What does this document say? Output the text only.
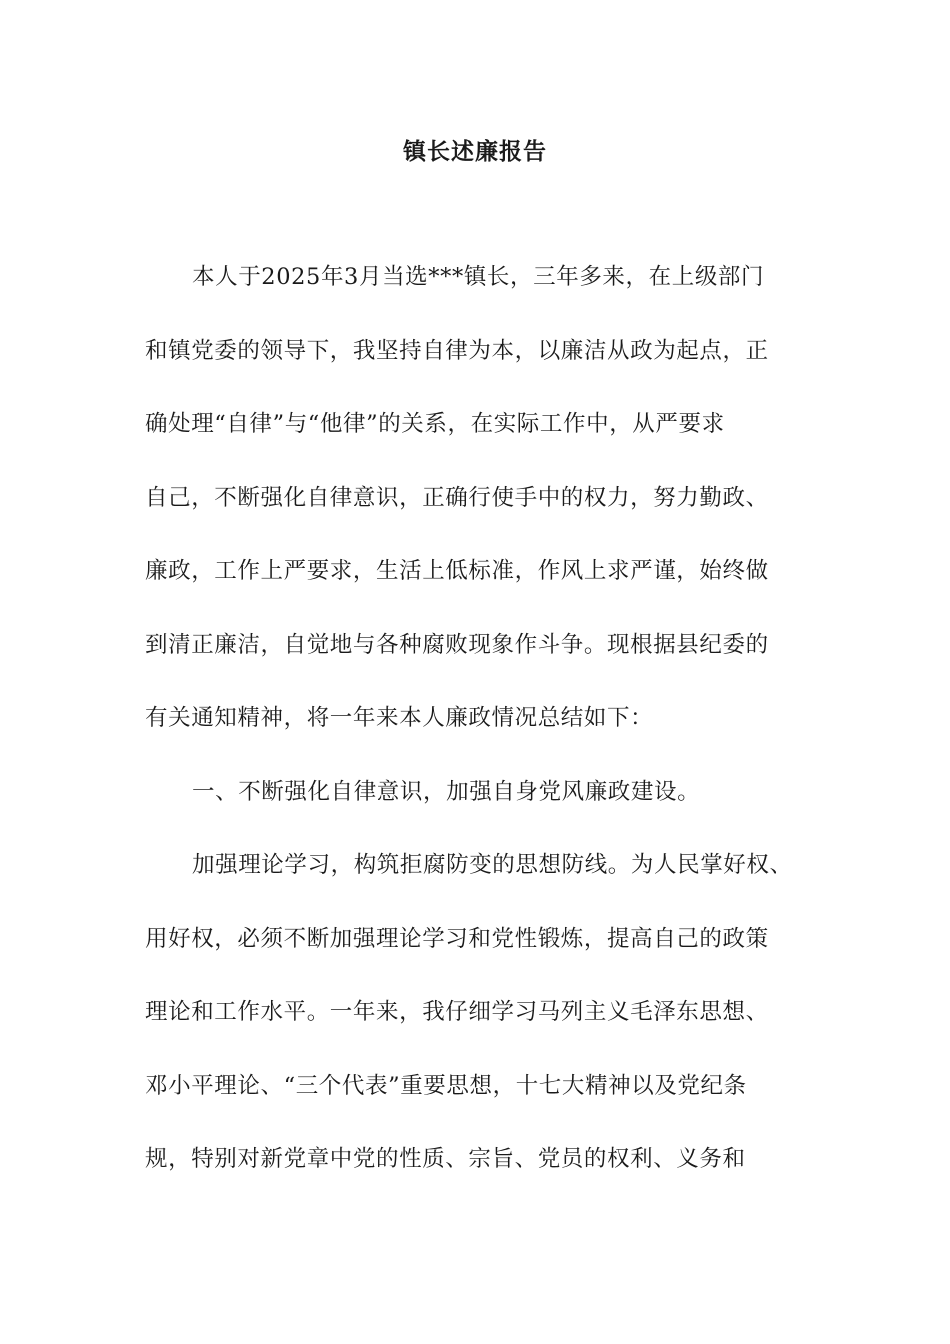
镇长述廉报告
本人于2025年3月当选***镇长，三年多来，在上级部门
和镇党委的领导下，我坚持自律为本，以廉洁从政为起点，正
确处理“自律”与“他律”的关系，在实际工作中，从严要求
自己，不断强化自律意识，正确行使手中的权力，努力勤政、
廉政，工作上严要求，生活上低标准，作风上求严谨，始终做
到清正廉洁，自觉地与各种腐败现象作斗争。现根据县纪委的
有关通知精神，将一年来本人廉政情况总结如下：
一、不断强化自律意识，加强自身党风廉政建设。
加强理论学习，构筑拒腐防变的思想防线。为人民掌好权、
用好权，必须不断加强理论学习和党性锻炼，提高自己的政策
理论和工作水平。一年来，我仔细学习马列主义毛泽东思想、
邓小平理论、“三个代表”重要思想，十七大精神以及党纪条
规，特别对新党章中党的性质、宗旨、党员的权利、义务和
